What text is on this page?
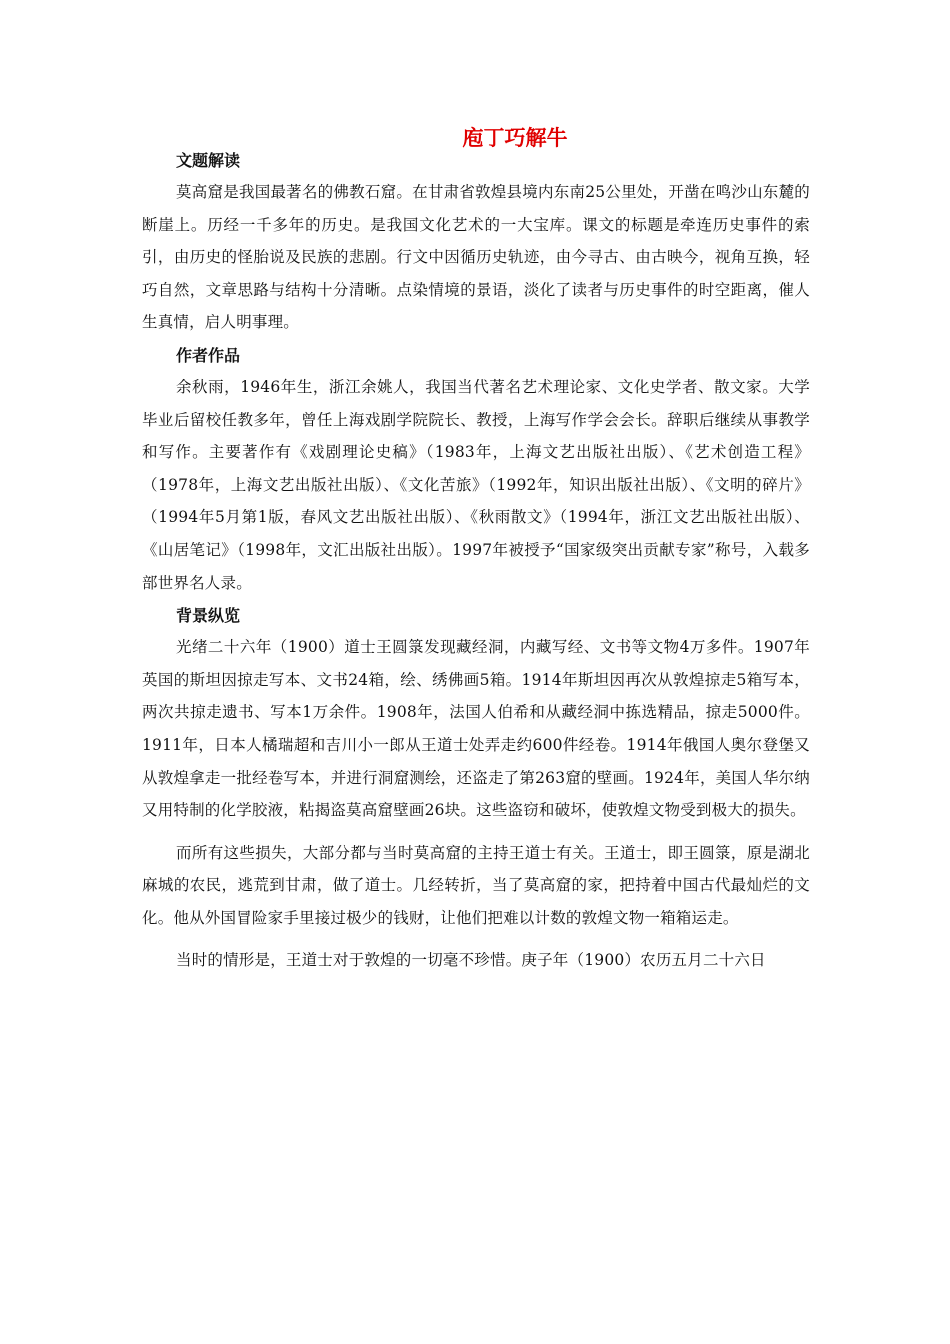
庖丁巧解牛
文题解读

莫高窟是我国最著名的佛教石窟。在甘肃省敦煌县境内东南25公里处，开凿在鸣沙山东麓的断崖上。历经一千多年的历史。是我国文化艺术的一大宝库。课文的标题是牵连历史事件的索引，由历史的怪胎说及民族的悲剧。行文中因循历史轨迹，由今寻古、由古映今，视角互换，轻巧自然，文章思路与结构十分清晰。点染情境的景语，淡化了读者与历史事件的时空距离，催人生真情，启人明事理。

作者作品

余秋雨，1946年生，浙江余姚人，我国当代著名艺术理论家、文化史学者、散文家。大学毕业后留校任教多年，曾任上海戏剧学院院长、教授，上海写作学会会长。辞职后继续从事教学和写作。主要著作有《戏剧理论史稿》（1983年，上海文艺出版社出版）、《艺术创造工程》（1978年，上海文艺出版社出版）、《文化苦旅》（1992年，知识出版社出版）、《文明的碎片》（1994年5月第1版，春风文艺出版社出版）、《秋雨散文》（1994年，浙江文艺出版社出版）、《山居笔记》（1998年，文汇出版社出版）。1997年被授予“国家级突出贡献专家”称号，入载多部世界名人录。

背景纵览

光绪二十六年（1900）道士王圆箓发现藏经洞，内藏写经、文书等文物4万多件。1907年英国的斯坦因掠走写本、文书24箱，绘、绣佛画5箱。1914年斯坦因再次从敦煌掠走5箱写本，两次共掠走遗书、写本1万余件。1908年，法国人伯希和从藏经洞中拣选精品，掠走5000件。1911年，日本人橘瑞超和吉川小一郎从王道士处弄走约600件经卷。1914年俄国人奥尔登堡又从敦煌拿走一批经卷写本，并进行洞窟测绘，还盗走了第263窟的壁画。1924年，美国人华尔纳又用特制的化学胶液，粘揭盗莫高窟壁画26块。这些盗窃和破坏，使敦煌文物受到极大的损失。

而所有这些损失，大部分都与当时莫高窟的主持王道士有关。王道士，即王圆箓，原是湖北麻城的农民，逃荒到甘肃，做了道士。几经转折，当了莫高窟的家，把持着中国古代最灿烂的文化。他从外国冒险家手里接过极少的钱财，让他们把难以计数的敦煌文物一箱箱运走。

当时的情形是，王道士对于敦煌的一切毫不珍惜。庚子年（1900）农历五月二十六日
